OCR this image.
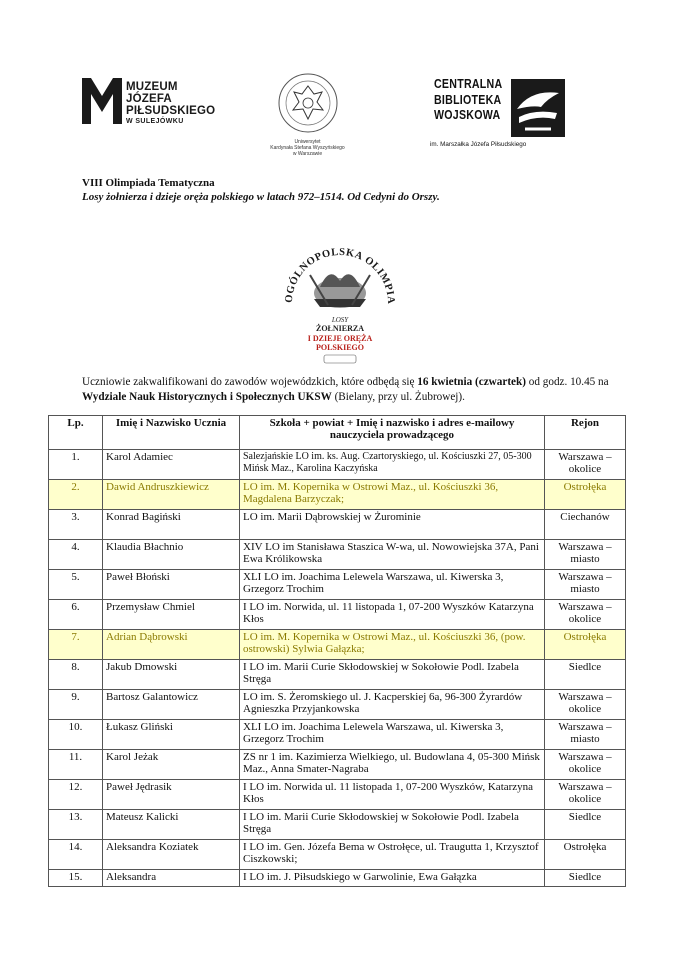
MUZEUM
JÓZEFA
PIŁSUDSKIEGO
W SULEJÓWKU
Uniwersytet
Kardynała Stefana Wyszyńskiego
w Warszawie
CENTRALNA
BIBLIOTEKA
WOJSKOWA
im. Marszałka Józefa Piłsudskiego
VIII Olimpiada Tematyczna
Losy żołnierza i dzieje oręża polskiego w latach 972–1514. Od Cedyni do Orszy.
OGÓLNOPOLSKA OLIMPIA
LOSY
ŻOŁNIERZA
I DZIEJE ORĘŻA
POLSKIEGO
Uczniowie zakwalifikowani do zawodów wojewódzkich, które odbędą się 16 kwietnia (czwartek) od godz. 10.45 na Wydziale Nauk Historycznych i Społecznych UKSW (Bielany, przy ul. Żubrowej).
Lp.	Imię i Nazwisko Ucznia	Szkoła + powiat + Imię i nazwisko i adres e-mailowy nauczyciela prowadzącego	Rejon
1.	Karol Adamiec	Salezjańskie LO im. ks. Aug. Czartoryskiego, ul. Kościuszki 27, 05-300 Mińsk Maz., Karolina Kaczyńska	Warszawa – okolice
2.	Dawid Andruszkiewicz	LO im. M. Kopernika w Ostrowi Maz., ul. Kościuszki 36, Magdalena Barzyczak;	Ostrołęka
3.	Konrad Bagiński	LO im. Marii Dąbrowskiej w Żurominie	Ciechanów
4.	Klaudia Błachnio	XIV LO im Stanisława Staszica W-wa, ul. Nowowiejska 37A, Pani Ewa Królikowska	Warszawa – miasto
5.	Paweł Błoński	XLI LO im. Joachima Lelewela Warszawa, ul. Kiwerska 3, Grzegorz Trochim	Warszawa – miasto
6.	Przemysław Chmiel	I LO im. Norwida, ul. 11 listopada 1, 07-200 Wyszków Katarzyna Kłos	Warszawa – okolice
7.	Adrian Dąbrowski	LO im. M. Kopernika w Ostrowi Maz., ul. Kościuszki 36, (pow. ostrowski) Sylwia Gałązka;	Ostrołęka
8.	Jakub Dmowski	I LO im. Marii Curie Skłodowskiej w Sokołowie Podl. Izabela Stręga	Siedlce
9.	Bartosz Galantowicz	LO im. S. Żeromskiego ul. J. Kacperskiej 6a, 96-300 Żyrardów Agnieszka Przyjankowska	Warszawa – okolice
10.	Łukasz Gliński	XLI LO im. Joachima Lelewela Warszawa, ul. Kiwerska 3, Grzegorz Trochim	Warszawa – miasto
11.	Karol Jeżak	ZS nr 1 im. Kazimierza Wielkiego, ul. Budowlana 4, 05-300 Mińsk Maz., Anna Smater-Nagraba	Warszawa – okolice
12.	Paweł Jędrasik	I LO im. Norwida ul. 11 listopada 1, 07-200 Wyszków, Katarzyna Kłos	Warszawa – okolice
13.	Mateusz Kalicki	I LO im. Marii Curie Skłodowskiej w Sokołowie Podl. Izabela Stręga	Siedlce
14.	Aleksandra Koziatek	I LO im. Gen. Józefa Bema w Ostrołęce, ul. Traugutta 1, Krzysztof Ciszkowski;	Ostrołęka
15.	Aleksandra	I LO im. J. Piłsudskiego w Garwolinie, Ewa Gałązka	Siedlce
